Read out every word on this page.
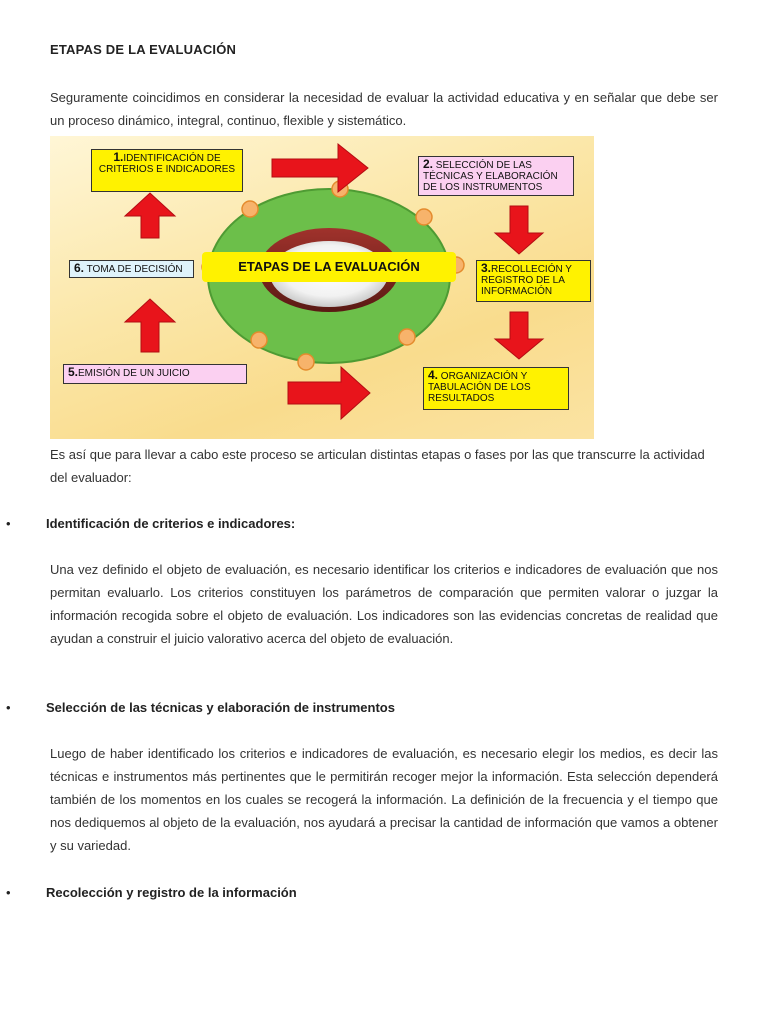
ETAPAS DE LA EVALUACIÓN
Seguramente coincidimos en considerar la necesidad de evaluar la actividad educativa y en señalar que debe ser un proceso dinámico, integral, continuo, flexible y sistemático.
ETAPAS DE LA EVALUACIÓN
1.IDENTIFICACIÓN DE CRITERIOS E INDICADORES	2. SELECCIÓN DE LAS TÉCNICAS Y ELABORACIÓN DE LOS INSTRUMENTOS
3.RECOLLECIÓN Y REGISTRO DE LA INFORMACIÓN
4. ORGANIZACIÓN Y TABULACIÓN DE LOS RESULTADOS
5.EMISIÓN DE UN JUICIO
6. TOMA DE DECISIÓN
Es así que para llevar a cabo este proceso se articulan distintas etapas o fases por las que transcurre la actividad del evaluador:
•	Identificación de criterios e indicadores:
Una vez definido el objeto de evaluación, es necesario identificar los criterios e indicadores de evaluación que nos permitan evaluarlo. Los criterios constituyen los parámetros de comparación que permiten valorar o juzgar la información recogida sobre el objeto de evaluación. Los indicadores son las evidencias concretas de realidad que ayudan a construir el juicio valorativo acerca del objeto de evaluación.
•	Selección de las técnicas y elaboración de instrumentos
Luego de haber identificado los criterios e indicadores de evaluación, es necesario elegir los medios, es decir las técnicas e instrumentos más pertinentes que le permitirán recoger mejor la información. Esta selección dependerá también de los momentos en los cuales se recogerá la información. La definición de la frecuencia y el tiempo que nos dediquemos al objeto de la evaluación, nos ayudará a precisar la cantidad de información que vamos a obtener y su variedad.
•	Recolección y registro de la información
